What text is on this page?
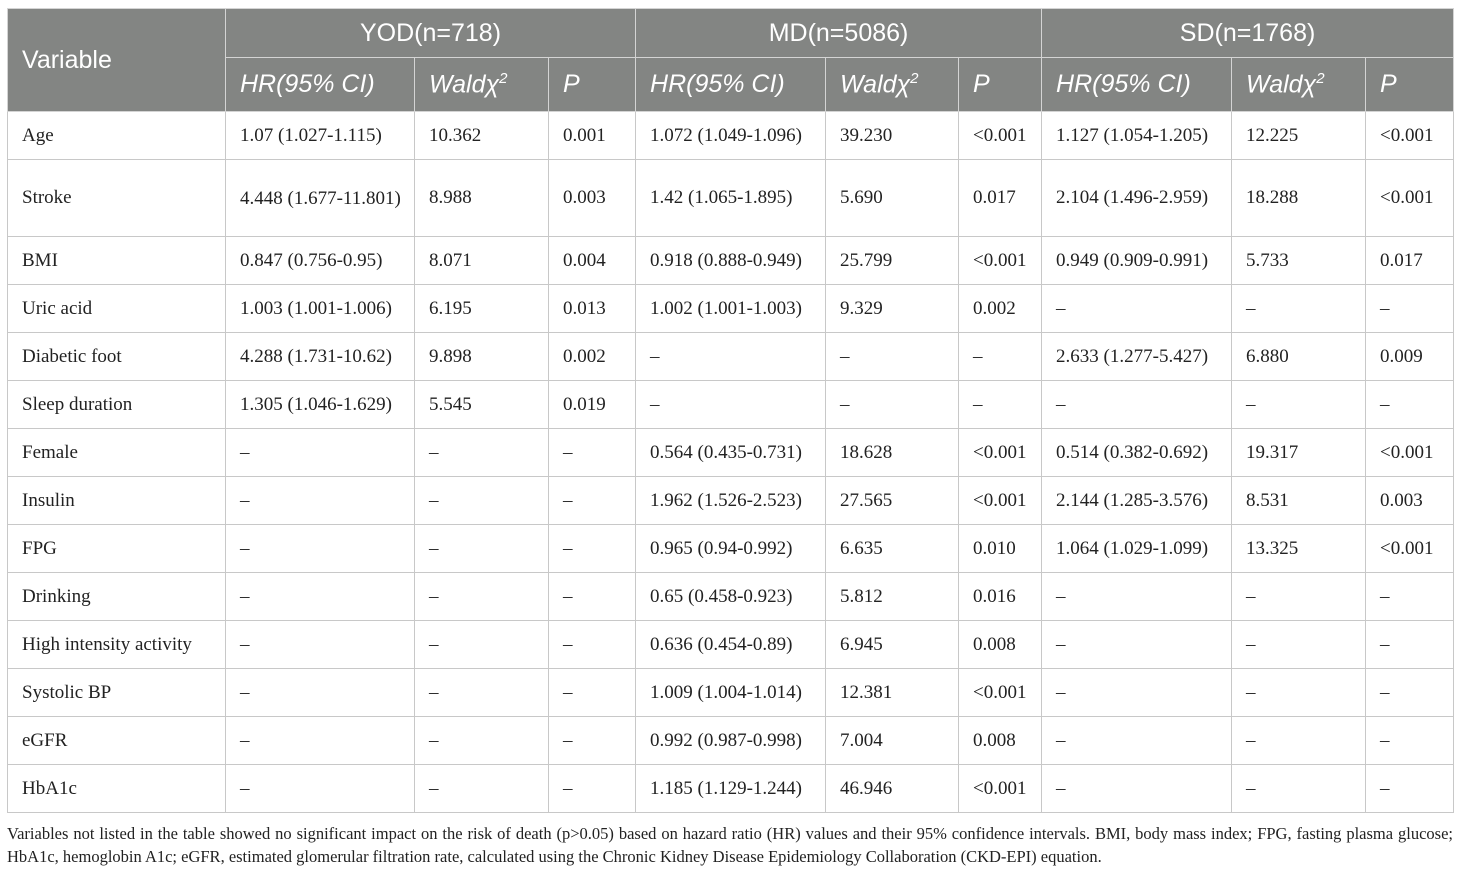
Variable	YOD(n=718)			MD(n=5086)			SD(n=1768)		
	HR(95% CI)	Waldχ$^2$	P	HR(95% CI)	Waldχ$^2$	P	HR(95% CI)	Waldχ$^2$	P
Age	1.07 (1.027-1.115)	10.362	0.001	1.072 (1.049-1.096)	39.230	<0.001	1.127 (1.054-1.205)	12.225	<0.001
Stroke	4.448 (1.677-11.801)	8.988	0.003	1.42 (1.065-1.895)	5.690	0.017	2.104 (1.496-2.959)	18.288	<0.001
BMI	0.847 (0.756-0.95)	8.071	0.004	0.918 (0.888-0.949)	25.799	<0.001	0.949 (0.909-0.991)	5.733	0.017
Uric acid	1.003 (1.001-1.006)	6.195	0.013	1.002 (1.001-1.003)	9.329	0.002	–	–	–
Diabetic foot	4.288 (1.731-10.62)	9.898	0.002	–	–	–	2.633 (1.277-5.427)	6.880	0.009
Sleep duration	1.305 (1.046-1.629)	5.545	0.019	–	–	–	–	–	–
Female	–	–	–	0.564 (0.435-0.731)	18.628	<0.001	0.514 (0.382-0.692)	19.317	<0.001
Insulin	–	–	–	1.962 (1.526-2.523)	27.565	<0.001	2.144 (1.285-3.576)	8.531	0.003
FPG	–	–	–	0.965 (0.94-0.992)	6.635	0.010	1.064 (1.029-1.099)	13.325	<0.001
Drinking	–	–	–	0.65 (0.458-0.923)	5.812	0.016	–	–	–
High intensity activity	–	–	–	0.636 (0.454-0.89)	6.945	0.008	–	–	–
Systolic BP	–	–	–	1.009 (1.004-1.014)	12.381	<0.001	–	–	–
eGFR	–	–	–	0.992 (0.987-0.998)	7.004	0.008	–	–	–
HbA1c	–	–	–	1.185 (1.129-1.244)	46.946	<0.001	–	–	–
Variables not listed in the table showed no significant impact on the risk of death (p>0.05) based on hazard ratio (HR) values and their 95% confidence intervals. BMI, body mass index; FPG, fasting plasma glucose; HbA1c, hemoglobin A1c; eGFR, estimated glomerular filtration rate, calculated using the Chronic Kidney Disease Epidemiology Collaboration (CKD-EPI) equation.
